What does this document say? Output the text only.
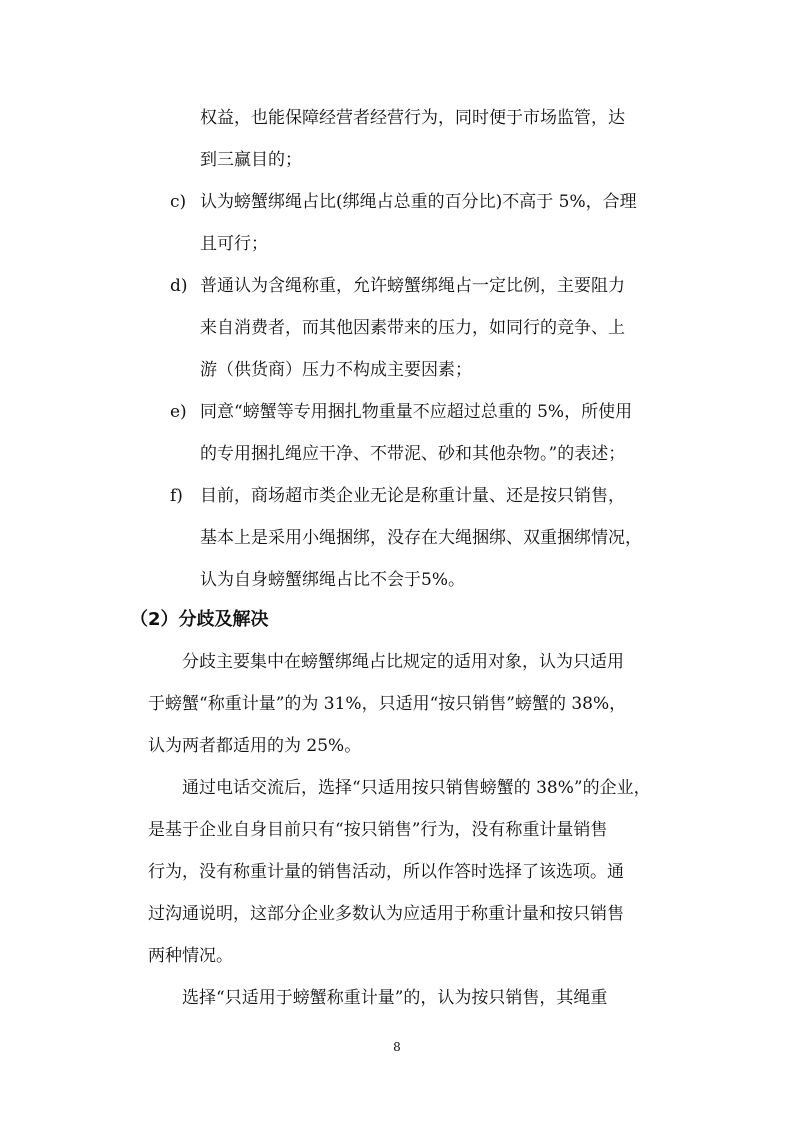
权益，也能保障经营者经营行为，同时便于市场监管，达

到三赢目的；

c) 认为螃蟹绑绳占比(绑绳占总重的百分比)不高于 5%，合理

且可行；

d) 普通认为含绳称重，允许螃蟹绑绳占一定比例，主要阻力

来自消费者，而其他因素带来的压力，如同行的竞争、上

游（供货商）压力不构成主要因素；

e) 同意“螃蟹等专用捆扎物重量不应超过总重的 5%，所使用

的专用捆扎绳应干净、不带泥、砂和其他杂物。”的表述；

f) 目前，商场超市类企业无论是称重计量、还是按只销售，

基本上是采用小绳捆绑，没存在大绳捆绑、双重捆绑情况，

认为自身螃蟹绑绳占比不会于5%。

（2）分歧及解决

分歧主要集中在螃蟹绑绳占比规定的适用对象，认为只适用

于螃蟹“称重计量”的为 31%，只适用“按只销售”螃蟹的 38%，

认为两者都适用的为 25%。

通过电话交流后，选择“只适用按只销售螃蟹的 38%”的企业，

是基于企业自身目前只有“按只销售”行为，没有称重计量销售

行为，没有称重计量的销售活动，所以作答时选择了该选项。通

过沟通说明，这部分企业多数认为应适用于称重计量和按只销售

两种情况。

选择“只适用于螃蟹称重计量”的，认为按只销售，其绳重

8
